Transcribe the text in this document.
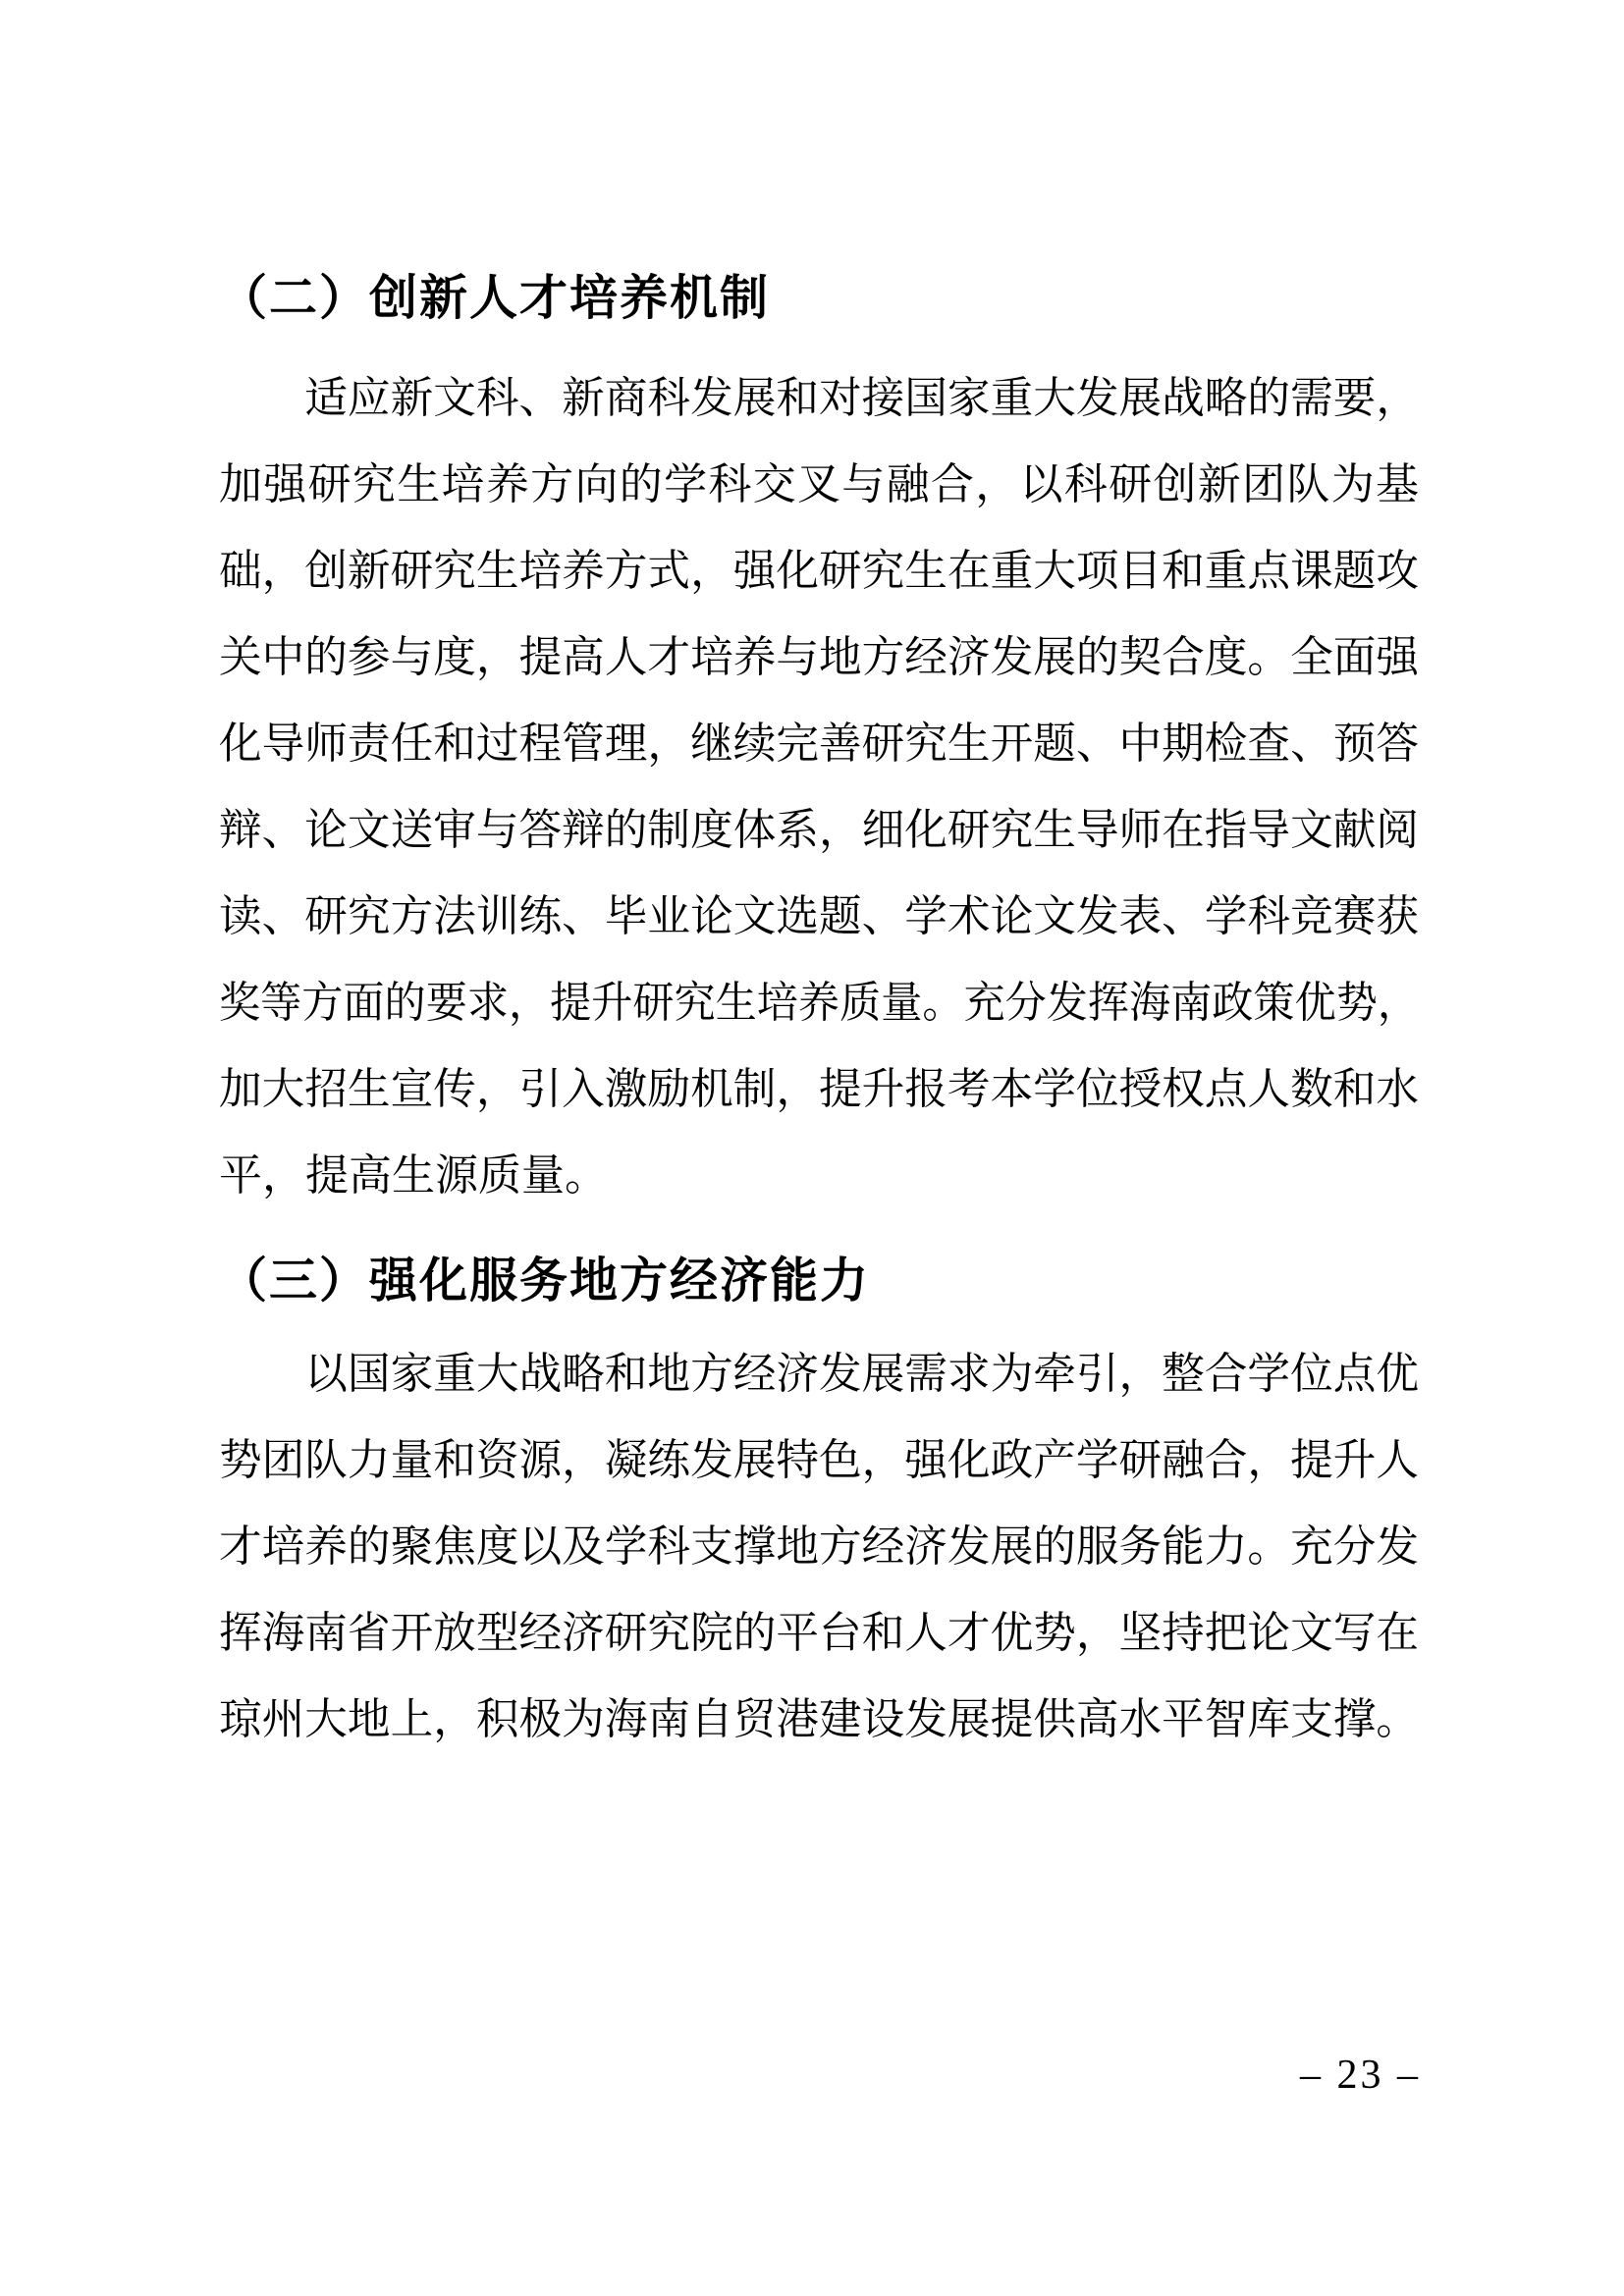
（二）创新人才培养机制
适应新文科、新商科发展和对接国家重大发展战略的需要，
加强研究生培养方向的学科交叉与融合，以科研创新团队为基
础，创新研究生培养方式，强化研究生在重大项目和重点课题攻
关中的参与度，提高人才培养与地方经济发展的契合度。全面强
化导师责任和过程管理，继续完善研究生开题、中期检查、预答
辩、论文送审与答辩的制度体系，细化研究生导师在指导文献阅
读、研究方法训练、毕业论文选题、学术论文发表、学科竞赛获
奖等方面的要求，提升研究生培养质量。充分发挥海南政策优势，
加大招生宣传，引入激励机制，提升报考本学位授权点人数和水
平，提高生源质量。
（三）强化服务地方经济能力
以国家重大战略和地方经济发展需求为牵引，整合学位点优
势团队力量和资源，凝练发展特色，强化政产学研融合，提升人
才培养的聚焦度以及学科支撑地方经济发展的服务能力。充分发
挥海南省开放型经济研究院的平台和人才优势，坚持把论文写在
琼州大地上，积极为海南自贸港建设发展提供高水平智库支撑。
– 23 –
